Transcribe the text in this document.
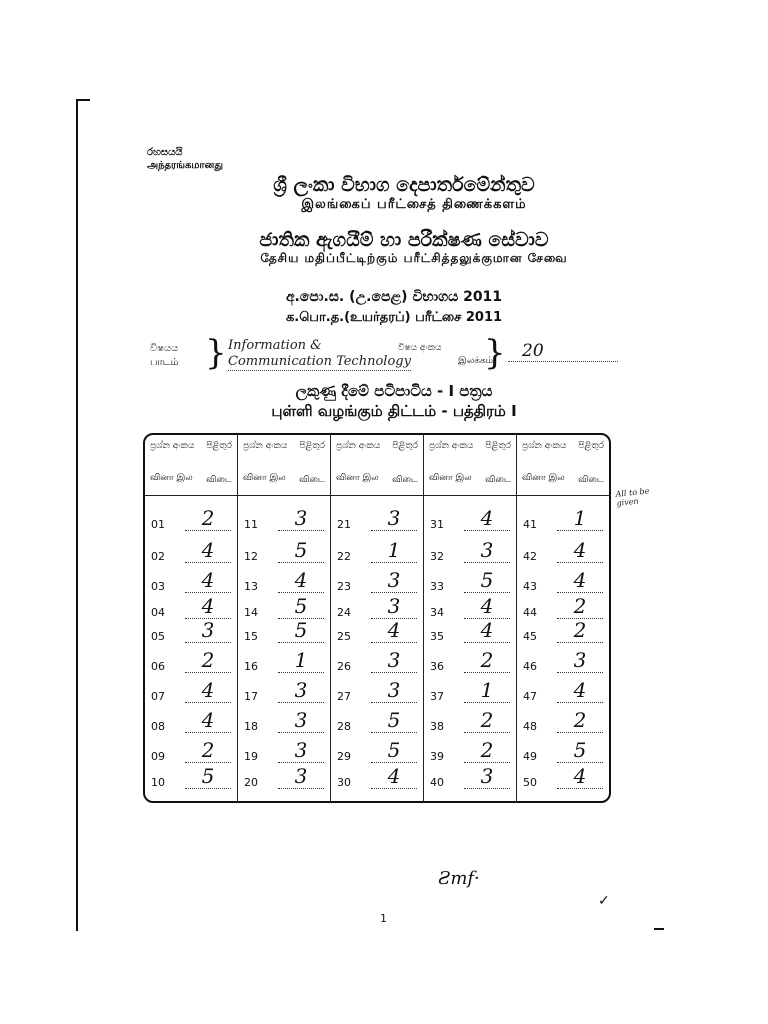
රහසයයි
அந்தரங்கமானது
ශ්‍රී ලංකා විභාග දෙපාර්තමේන්තුව
இலங்கைப் பரீட்சைத் திணைக்களம்
ජාතික ඇගයීම් හා පරීක්ෂණ සේවාව
தேசிய மதிப்பீட்டிற்கும் பரீட்சித்தலுக்குமான சேவை
අ.පො.ස. (උ.පෙළ) විභාගය 2011
க.பொ.த.(உயர்தரப்) பரீட்சை 2011
විෂයය
பாடம் } Information &
Communication Technology
විෂය අංකය
இலக்கம்
} 20
ලකුණු දීමේ පටිපාටිය - I පත්‍රය
புள்ளி வழங்கும் திட்டம் - பத்திரம் I
ප්‍රශ්න අංකය පිළිතුර
வினா இல விடை
01	2
02	4
03	4
04	4
05	3
06	2
07	4
08	4
09	2
10	5
ප්‍රශ්න අංකය පිළිතුර
வினா இல விடை
11	3
12	5
13	4
14	5
15	5
16	1
17	3
18	3
19	3
20	3
ප්‍රශ්න අංකය පිළිතුර
வினா இல விடை
21	3
22	1
23	3
24	3
25	4
26	3
27	3
28	5
29	5
30	4
ප්‍රශ්න අංකය පිළිතුර
வினா இல விடை
31	4
32	3
33	5
34	4
35	4
36	2
37	1
38	2
39	2
40	3
ප්‍රශ්න අංකය පිළිතුර
வினா இல விடை
41	1
42	4
43	4
44	2
45	2
46	3
47	4
48	2
49	5
50	4
All to be given
Ƨmf·
✓
1
